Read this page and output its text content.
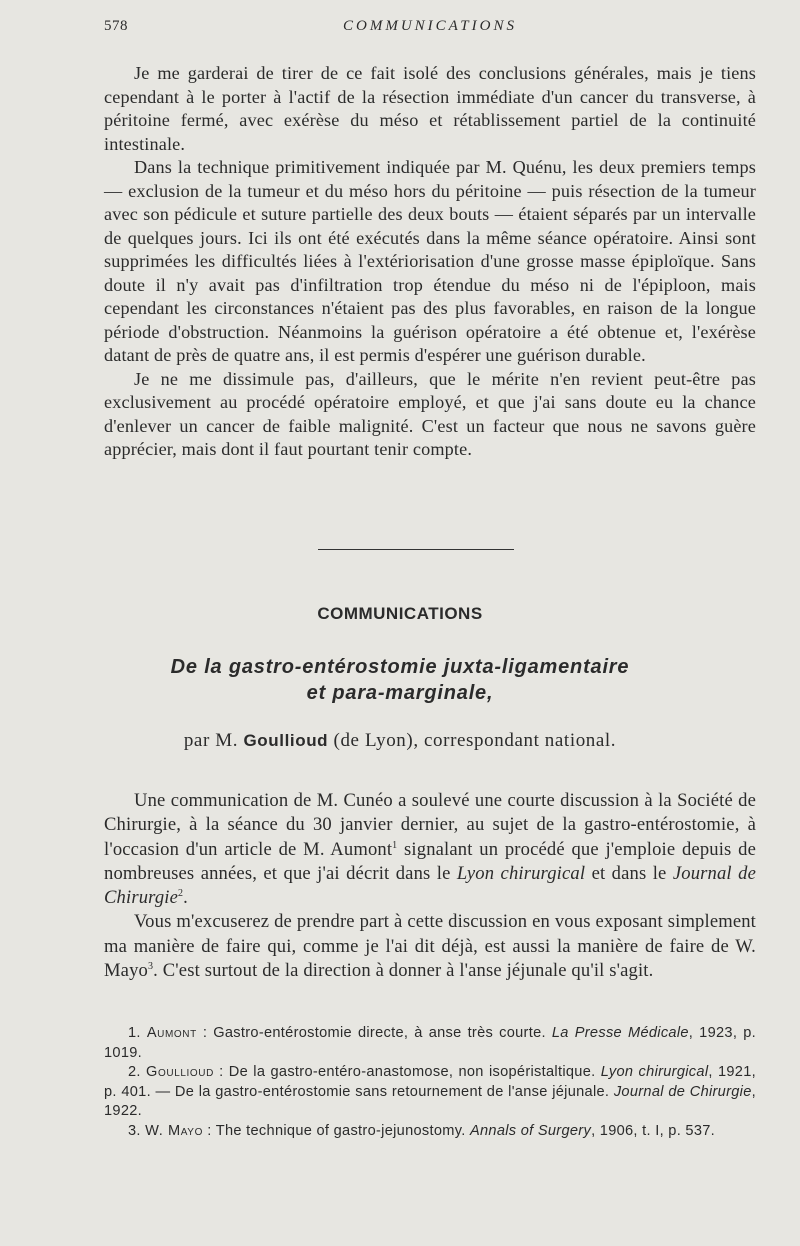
578	COMMUNICATIONS

Je me garderai de tirer de ce fait isolé des conclusions générales, mais je tiens cependant à le porter à l'actif de la résection immédiate d'un cancer du transverse, à péritoine fermé, avec exérèse du méso et rétablissement partiel de la continuité intestinale.

Dans la technique primitivement indiquée par M. Quénu, les deux premiers temps — exclusion de la tumeur et du méso hors du péritoine — puis résection de la tumeur avec son pédicule et suture partielle des deux bouts — étaient séparés par un intervalle de quelques jours. Ici ils ont été exécutés dans la même séance opératoire. Ainsi sont supprimées les difficultés liées à l'extériorisation d'une grosse masse épiploïque. Sans doute il n'y avait pas d'infiltration trop étendue du méso ni de l'épiploon, mais cependant les circonstances n'étaient pas des plus favorables, en raison de la longue période d'obstruction. Néanmoins la guérison opératoire a été obtenue et, l'exérèse datant de près de quatre ans, il est permis d'espérer une guérison durable.

Je ne me dissimule pas, d'ailleurs, que le mérite n'en revient peut-être pas exclusivement au procédé opératoire employé, et que j'ai sans doute eu la chance d'enlever un cancer de faible malignité. C'est un facteur que nous ne savons guère apprécier, mais dont il faut pourtant tenir compte.

COMMUNICATIONS
De la gastro-entérostomie juxta-ligamentaire
et para-marginale,
par M. Goullioud (de Lyon), correspondant national.

Une communication de M. Cunéo a soulevé une courte discussion à la Société de Chirurgie, à la séance du 30 janvier dernier, au sujet de la gastro-entérostomie, à l'occasion d'un article de M. Aumont$^1$ signalant un procédé que j'emploie depuis de nombreuses années, et que j'ai décrit dans le Lyon chirurgical et dans le Journal de Chirurgie$^2$.

Vous m'excuserez de prendre part à cette discussion en vous exposant simplement ma manière de faire qui, comme je l'ai dit déjà, est aussi la manière de faire de W. Mayo$^3$. C'est surtout de la direction à donner à l'anse jéjunale qu'il s'agit.

1. Aumont : Gastro-entérostomie directe, à anse très courte. La Presse Médicale, 1923, p. 1019.

2. Goullioud : De la gastro-entéro-anastomose, non isopéristaltique. Lyon chirurgical, 1921, p. 401. — De la gastro-entérostomie sans retournement de l'anse jéjunale. Journal de Chirurgie, 1922.

3. W. Mayo : The technique of gastro-jejunostomy. Annals of Surgery, 1906, t. I, p. 537.
